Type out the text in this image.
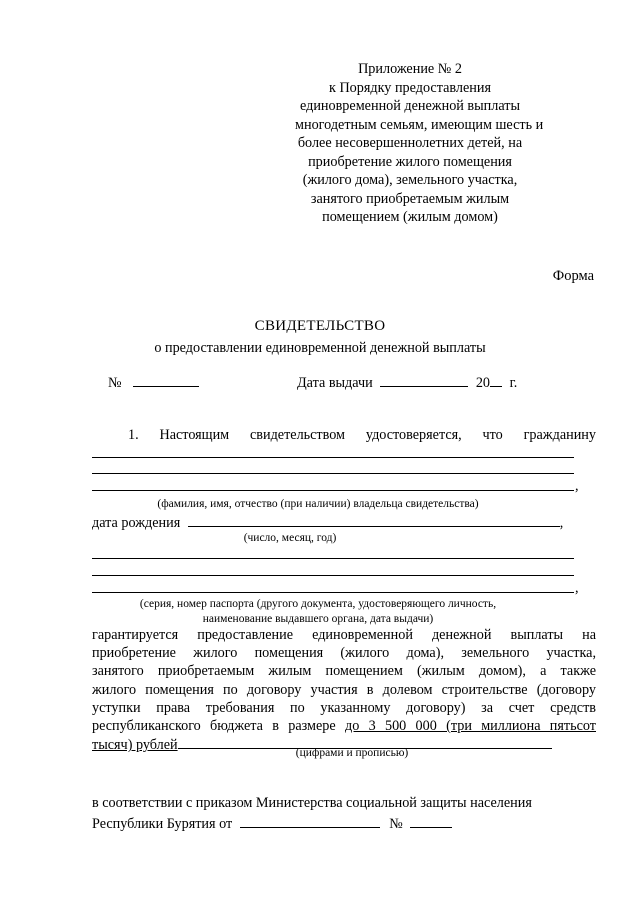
Приложение № 2
к Порядку предоставления
единовременной денежной выплаты
многодетным семьям, имеющим шесть и
более несовершеннолетних детей, на
приобретение жилого помещения
(жилого дома), земельного участка,
занятого приобретаемым жилым
помещением (жилым домом)
Форма
СВИДЕТЕЛЬСТВО
о предоставлении единовременной денежной выплаты
№	Дата выдачи	20 г.
1. Настоящим свидетельством удостоверяется, что гражданину
,
(фамилия, имя, отчество (при наличии) владельца свидетельства)
дата рождения	,
(число, месяц, год)
,
(серия, номер паспорта (другого документа, удостоверяющего личность,
наименование выдавшего органа, дата выдачи)
гарантируется предоставление единовременной денежной выплаты на
приобретение жилого помещения (жилого дома), земельного участка,
занятого приобретаемым жилым помещением (жилым домом), а также
жилого помещения по договору участия в долевом строительстве (договору
уступки права требования по указанному договору) за счет средств
республиканского бюджета в размере до 3 500 000 (три миллиона пятьсот
тысяч) рублей	(цифрами и прописью)
в соответствии с приказом Министерства социальной защиты населения
Республики Бурятия от	№
